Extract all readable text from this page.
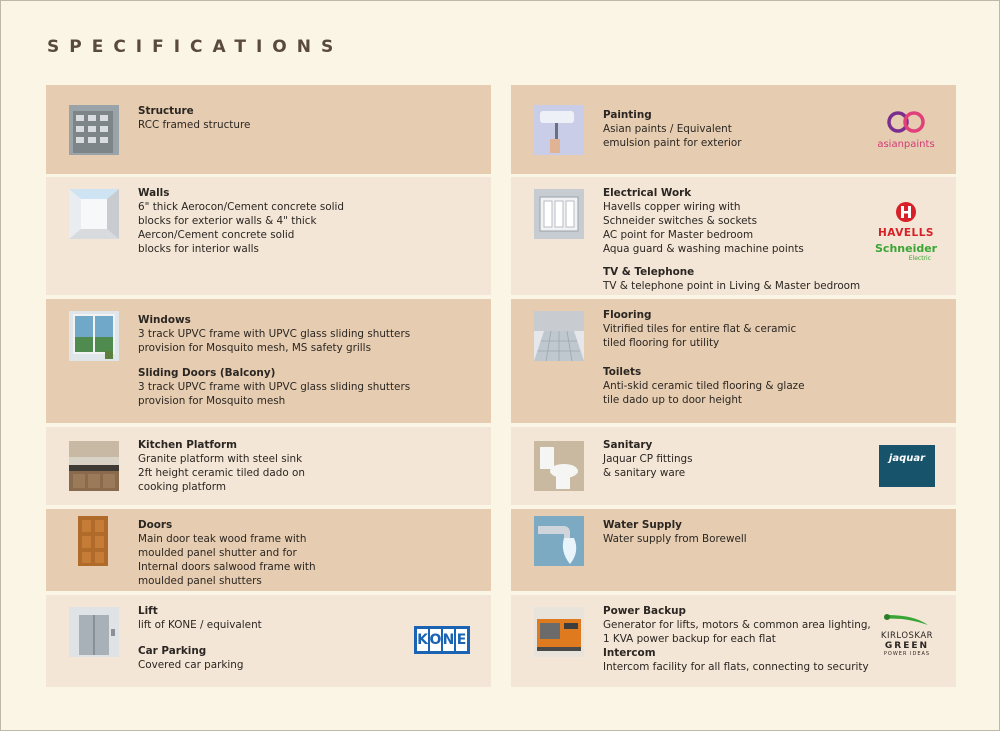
SPECIFICATIONS
Structure
RCC framed structure
Walls
6" thick Aerocon/Cement concrete solid
blocks for exterior walls & 4" thick
Aercon/Cement concrete solid
blocks for interior walls
Windows
3 track UPVC frame with UPVC glass sliding shutters
provision for Mosquito mesh, MS safety grills
Sliding Doors (Balcony)
3 track UPVC frame with UPVC glass sliding shutters
provision for Mosquito mesh
Kitchen Platform
Granite platform with steel sink
2ft height ceramic tiled dado on
cooking platform
Doors
Main door teak wood frame with
moulded panel shutter and for
Internal doors salwood frame with
moulded panel shutters
Lift
lift of KONE / equivalent
Car Parking
Covered car parking
K O N E
Painting
Asian paints / Equivalent
emulsion paint for exterior	asianpaints
Electrical Work
Havells copper wiring with
Schneider switches & sockets
AC point for Master bedroom
Aqua guard & washing machine points
TV & Telephone
TV & telephone point in Living & Master bedroom
HAVELLS
Schneider
Electric
Flooring
Vitrified tiles for entire flat & ceramic
tiled flooring for utility
Toilets
Anti-skid ceramic tiled flooring & glaze
tile dado up to door height
Sanitary
Jaquar CP fittings
& sanitary ware
jaquar
Water Supply
Water supply from Borewell
Power Backup
Generator for lifts, motors & common area lighting,
1 KVA power backup for each flat
Intercom
Intercom facility for all flats, connecting to security
KIRLOSKAR
GREEN
POWER IDEAS
